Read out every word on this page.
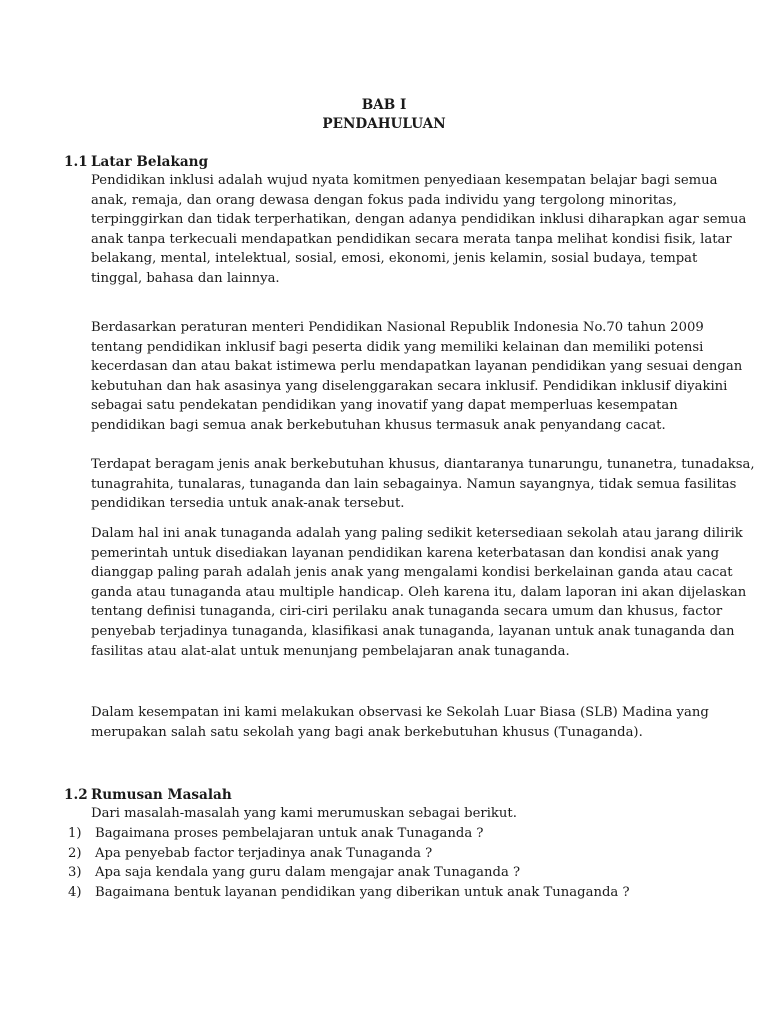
BAB I
PENDAHULUAN
1.1 Latar Belakang
Pendidikan inklusi adalah wujud nyata komitmen penyediaan kesempatan belajar bagi semua
anak, remaja, dan orang dewasa dengan fokus pada individu yang tergolong minoritas,
terpinggirkan dan tidak terperhatikan, dengan adanya pendidikan inklusi diharapkan agar semua
anak tanpa terkecuali mendapatkan pendidikan secara merata tanpa melihat kondisi fisik, latar
belakang, mental, intelektual, sosial, emosi, ekonomi, jenis kelamin, sosial budaya, tempat
tinggal, bahasa dan lainnya.
Berdasarkan peraturan menteri Pendidikan Nasional Republik Indonesia No.70 tahun 2009
tentang pendidikan inklusif bagi peserta didik yang memiliki kelainan dan memiliki potensi
kecerdasan dan atau bakat istimewa perlu mendapatkan layanan pendidikan yang sesuai dengan
kebutuhan dan hak asasinya yang diselenggarakan secara inklusif. Pendidikan inklusif diyakini
sebagai satu pendekatan pendidikan yang inovatif yang dapat memperluas kesempatan
pendidikan bagi semua anak berkebutuhan khusus termasuk anak penyandang cacat.
Terdapat beragam jenis anak berkebutuhan khusus, diantaranya tunarungu, tunanetra, tunadaksa,
tunagrahita, tunalaras, tunaganda dan lain sebagainya. Namun sayangnya, tidak semua fasilitas
pendidikan tersedia untuk anak-anak tersebut.
Dalam hal ini anak tunaganda adalah yang paling sedikit ketersediaan sekolah atau jarang dilirik
pemerintah untuk disediakan layanan pendidikan karena keterbatasan dan kondisi anak yang
dianggap paling parah adalah jenis anak yang mengalami kondisi berkelainan ganda atau cacat
ganda atau tunaganda atau multiple handicap. Oleh karena itu, dalam laporan ini akan dijelaskan
tentang definisi tunaganda, ciri-ciri perilaku anak tunaganda secara umum dan khusus, factor
penyebab terjadinya tunaganda, klasifikasi anak tunaganda, layanan untuk anak tunaganda dan
fasilitas atau alat-alat untuk menunjang pembelajaran anak tunaganda.
Dalam kesempatan ini kami melakukan observasi ke Sekolah Luar Biasa (SLB) Madina yang
merupakan salah satu sekolah yang bagi anak berkebutuhan khusus (Tunaganda).
1.2 Rumusan Masalah
Dari masalah-masalah yang kami merumuskan sebagai berikut.
1) Bagaimana proses pembelajaran untuk anak Tunaganda ?
2) Apa penyebab factor terjadinya anak Tunaganda ?
3) Apa saja kendala yang guru dalam mengajar anak Tunaganda ?
4) Bagaimana bentuk layanan pendidikan yang diberikan untuk anak Tunaganda ?
